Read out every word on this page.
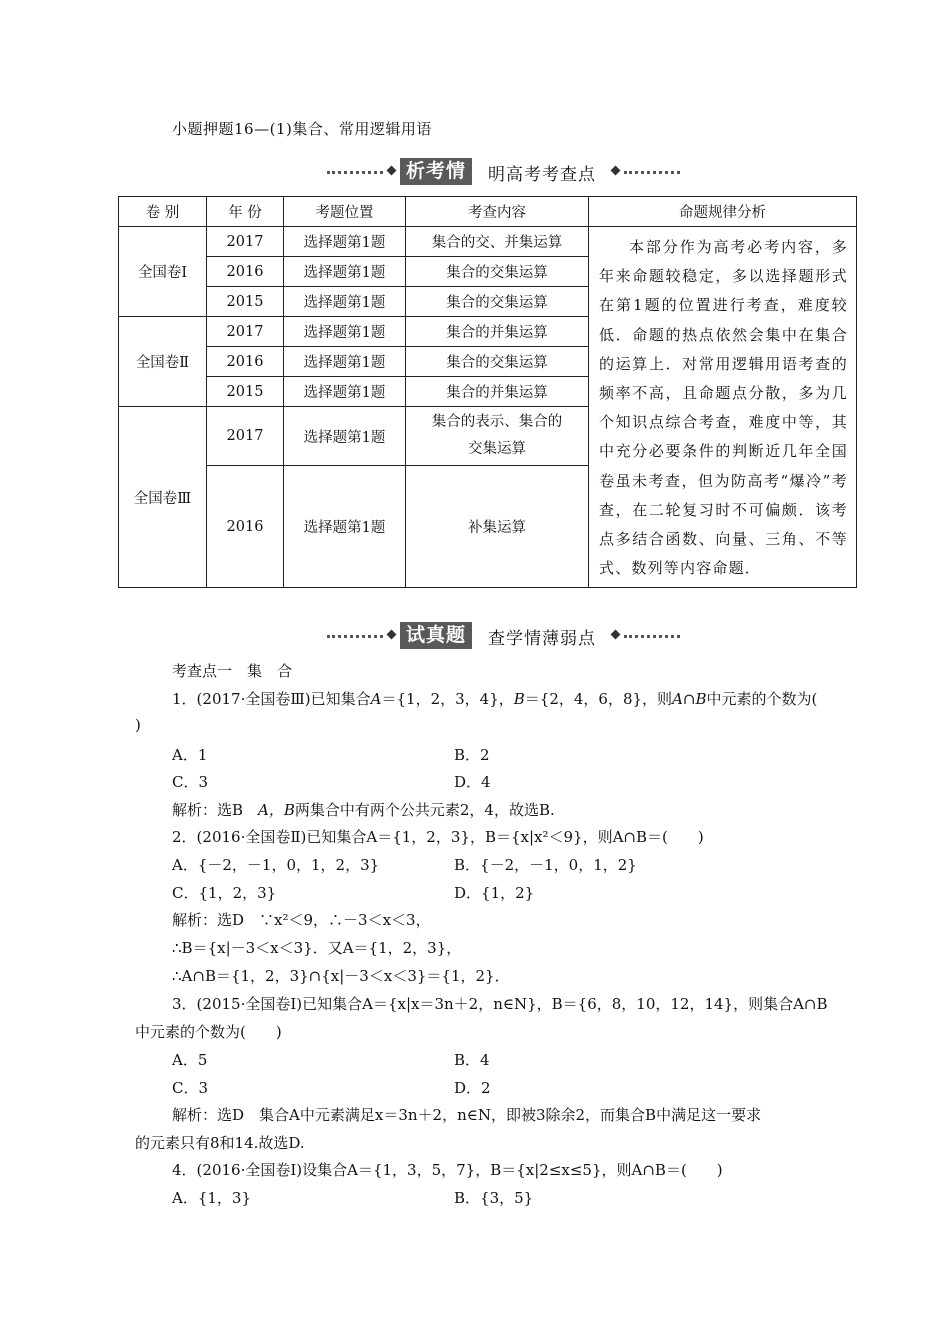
小题押题16—(1)集合、常用逻辑用语
析考情	明高考考查点
卷 别	年 份	考题位置	考查内容	命题规律分析
全国卷Ⅰ	2017	选择题第1题	集合的交、并集运算	本部分作为高考必考内容，多年来命题较稳定，多以选择题形式在第1题的位置进行考查，难度较低．命题的热点依然会集中在集合的运算上．对常用逻辑用语考查的频率不高，且命题点分散，多为几个知识点综合考查，难度中等，其中充分必要条件的判断近几年全国卷虽未考查，但为防高考“爆冷”考查，在二轮复习时不可偏颇．该考点多结合函数、向量、三角、不等式、数列等内容命题．
	2016	选择题第1题	集合的交集运算	
	2015	选择题第1题	集合的交集运算	
全国卷Ⅱ	2017	选择题第1题	集合的并集运算	
	2016	选择题第1题	集合的交集运算	
	2015	选择题第1题	集合的并集运算	
全国卷Ⅲ	2017	选择题第1题	集合的表示、集合的
交集运算	
	2016	选择题第1题	补集运算	
试真题	查学情薄弱点
考查点一　集　合
1．(2017·全国卷Ⅲ)已知集合A＝{1，2，3，4}，B＝{2，4，6，8}，则A∩B中元素的个数为(
)
A．1	B．2
C．3	D．4
解析：选B　A，B两集合中有两个公共元素2，4，故选B.
2．(2016·全国卷Ⅱ)已知集合A＝{1，2，3}，B＝{x|x²＜9}，则A∩B＝(　　)
A．{－2，－1，0，1，2，3}	B．{－2，－1，0，1，2}
C．{1，2，3}	D．{1，2}
解析：选D　∵x²＜9，∴－3＜x＜3，
∴B＝{x|－3＜x＜3}．又A＝{1，2，3}，
∴A∩B＝{1，2，3}∩{x|－3＜x＜3}＝{1，2}．
3．(2015·全国卷Ⅰ)已知集合A＝{x|x＝3n＋2，n∈N}，B＝{6，8，10，12，14}，则集合A∩B
中元素的个数为(　　)
A．5	B．4
C．3	D．2
解析：选D　集合A中元素满足x＝3n＋2，n∈N，即被3除余2，而集合B中满足这一要求
的元素只有8和14.故选D.
4．(2016·全国卷Ⅰ)设集合A＝{1，3，5，7}，B＝{x|2≤x≤5}，则A∩B＝(　　)
A．{1，3}	B．{3，5}
